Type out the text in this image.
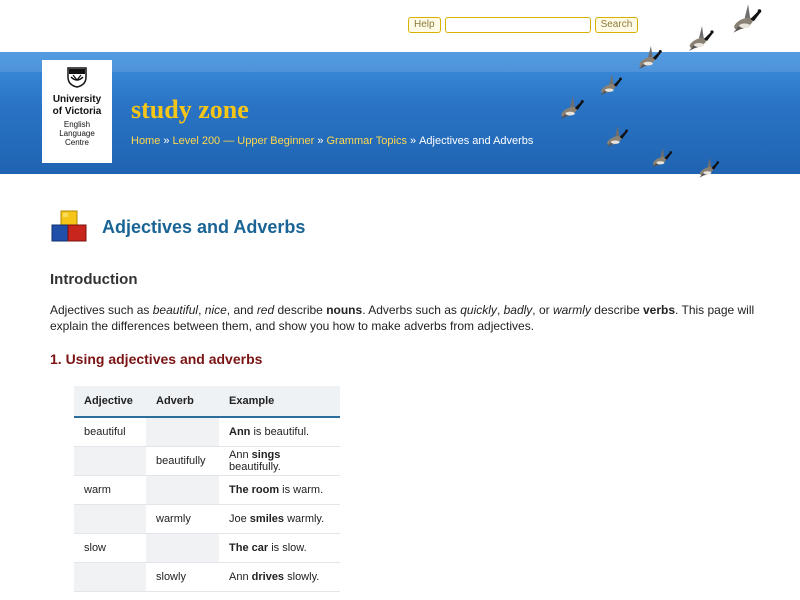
Help	Search
University
of Victoria
English
Language
Centre
study zone
Home » Level 200 — Upper Beginner » Grammar Topics » Adjectives and Adverbs
Adjectives and Adverbs
Introduction
Adjectives such as beautiful, nice, and red describe nouns. Adverbs such as quickly, badly, or warmly describe verbs. This page will explain the differences between them, and show you how to make adverbs from adjectives.
1. Using adjectives and adverbs
Adjective	Adverb	Example
beautiful		Ann is beautiful.
	beautifully	Ann sings beautifully.
warm		The room is warm.
	warmly	Joe smiles warmly.
slow		The car is slow.
	slowly	Ann drives slowly.
